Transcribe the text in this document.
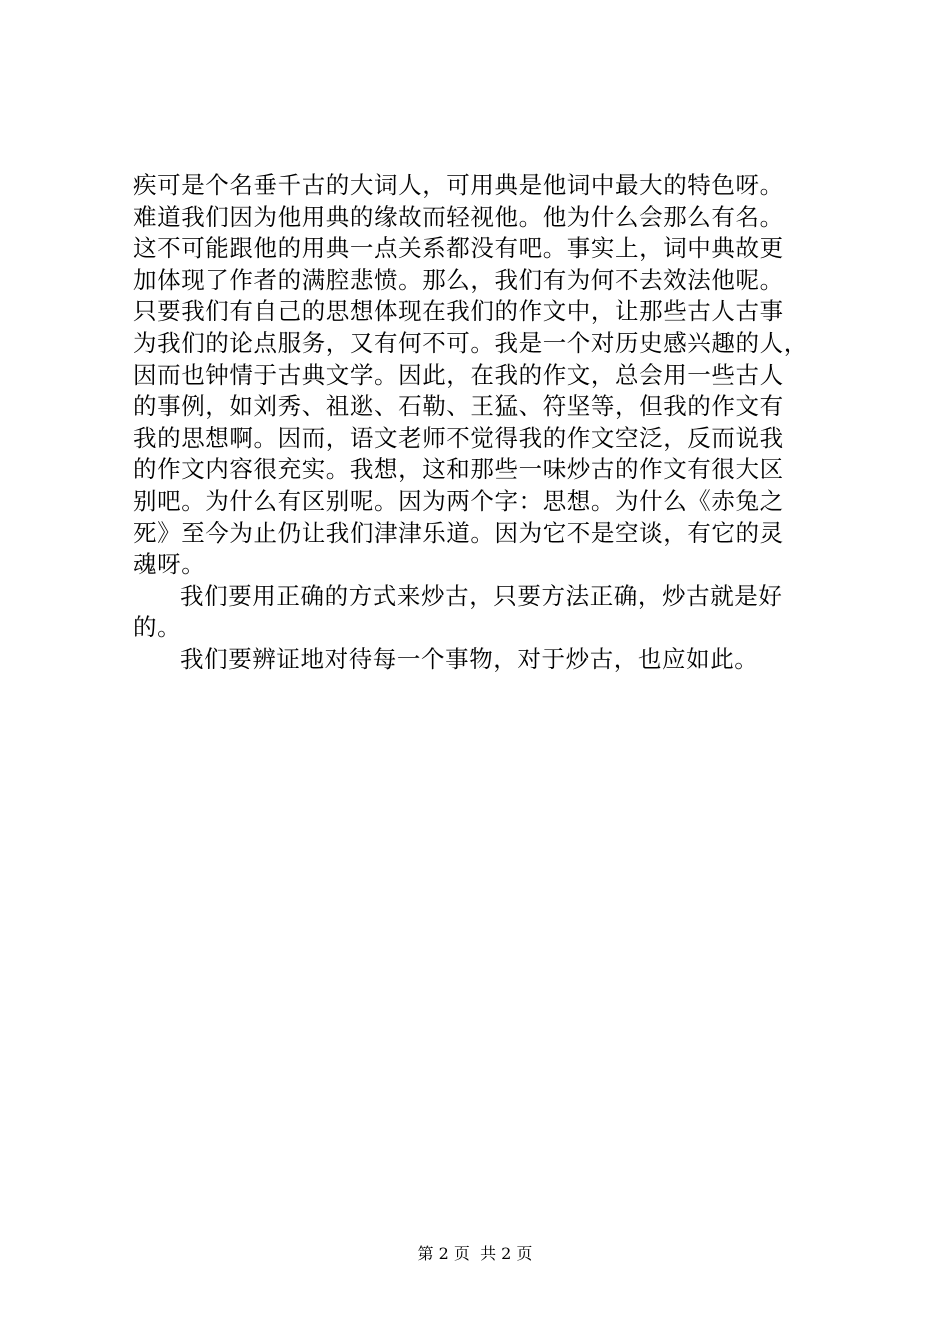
疾可是个名垂千古的大词人，可用典是他词中最大的特色呀。
难道我们因为他用典的缘故而轻视他。他为什么会那么有名。
这不可能跟他的用典一点关系都没有吧。事实上，词中典故更
加体现了作者的满腔悲愤。那么，我们有为何不去效法他呢。
只要我们有自己的思想体现在我们的作文中，让那些古人古事
为我们的论点服务，又有何不可。我是一个对历史感兴趣的人，
因而也钟情于古典文学。因此，在我的作文，总会用一些古人
的事例，如刘秀、祖逖、石勒、王猛、符坚等，但我的作文有
我的思想啊。因而，语文老师不觉得我的作文空泛，反而说我
的作文内容很充实。我想，这和那些一味炒古的作文有很大区
别吧。为什么有区别呢。因为两个字：思想。为什么《赤兔之
死》至今为止仍让我们津津乐道。因为它不是空谈，有它的灵
魂呀。
我们要用正确的方式来炒古，只要方法正确，炒古就是好
的。
我们要辨证地对待每一个事物，对于炒古，也应如此。
第 2 页  共 2 页
